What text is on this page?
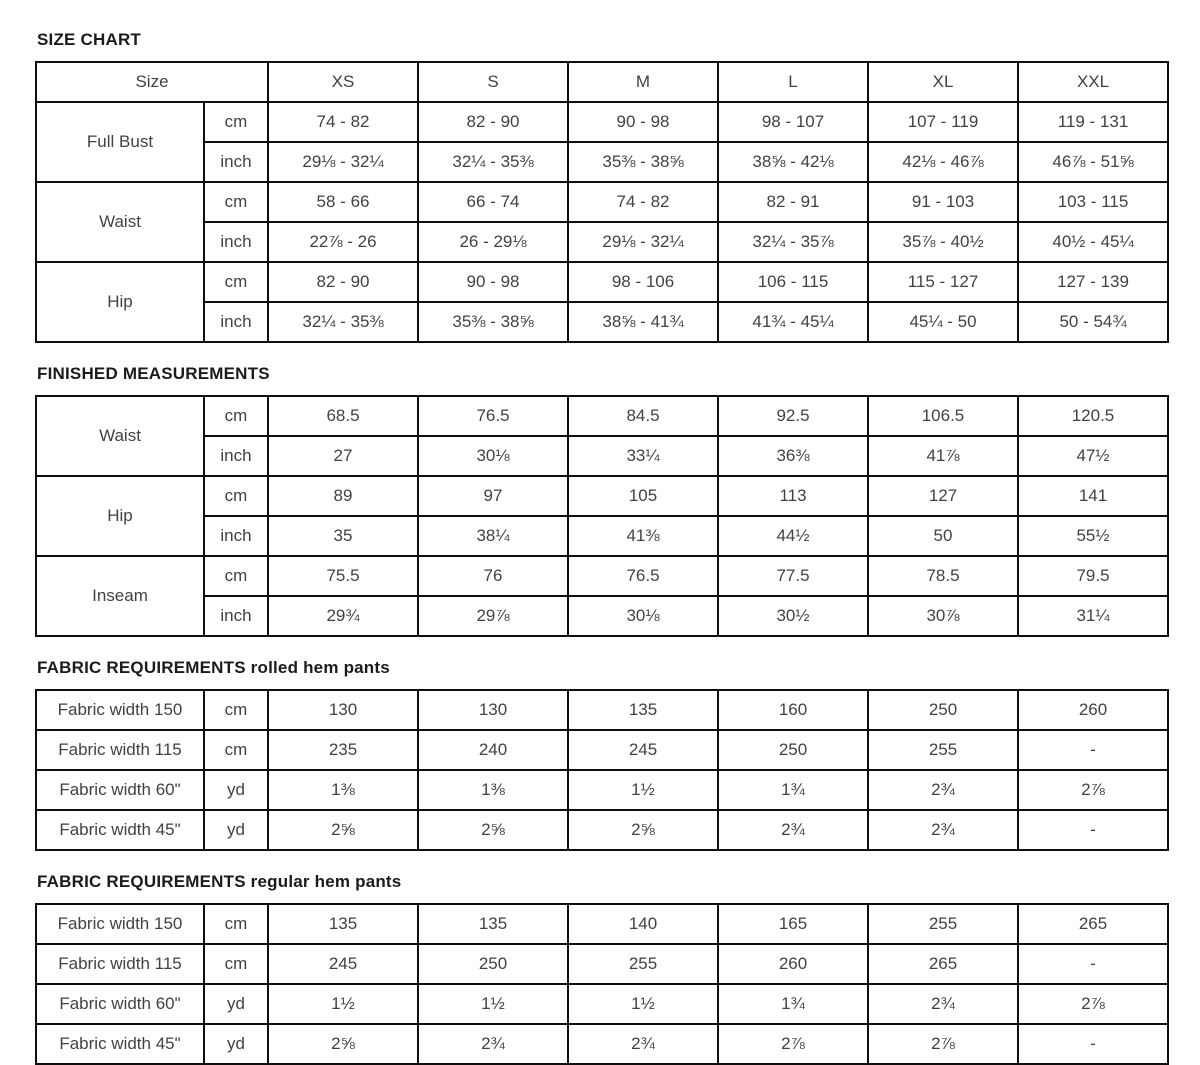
SIZE CHART
Size		XS	S	M	L	XL	XXL
Full Bust	cm	74 - 82	82 - 90	90 - 98	98 - 107	107 - 119	119 - 131
	inch	29⅛ - 32¼	32¼ - 35⅜	35⅜ - 38⅝	38⅝ - 42⅛	42⅛ - 46⅞	46⅞ - 51⅝
Waist	cm	58 - 66	66 - 74	74 - 82	82 - 91	91 - 103	103 - 115
	inch	22⅞ - 26	26 - 29⅛	29⅛ - 32¼	32¼ - 35⅞	35⅞ - 40½	40½ - 45¼
Hip	cm	82 - 90	90 - 98	98 - 106	106 - 115	115 - 127	127 - 139
	inch	32¼ - 35⅜	35⅜ - 38⅝	38⅝ - 41¾	41¾ - 45¼	45¼ - 50	50 - 54¾
FINISHED MEASUREMENTS
Waist	cm	68.5	76.5	84.5	92.5	106.5	120.5
	inch	27	30⅛	33¼	36⅜	41⅞	47½
Hip	cm	89	97	105	113	127	141
	inch	35	38¼	41⅜	44½	50	55½
Inseam	cm	75.5	76	76.5	77.5	78.5	79.5
	inch	29¾	29⅞	30⅛	30½	30⅞	31¼
FABRIC REQUIREMENTS rolled hem pants
Fabric width 150	cm	130	130	135	160	250	260
Fabric width 115	cm	235	240	245	250	255	-
Fabric width 60"	yd	1⅜	1⅜	1½	1¾	2¾	2⅞
Fabric width 45"	yd	2⅝	2⅝	2⅝	2¾	2¾	-
FABRIC REQUIREMENTS regular hem pants
Fabric width 150	cm	135	135	140	165	255	265
Fabric width 115	cm	245	250	255	260	265	-
Fabric width 60"	yd	1½	1½	1½	1¾	2¾	2⅞
Fabric width 45"	yd	2⅝	2¾	2¾	2⅞	2⅞	-
